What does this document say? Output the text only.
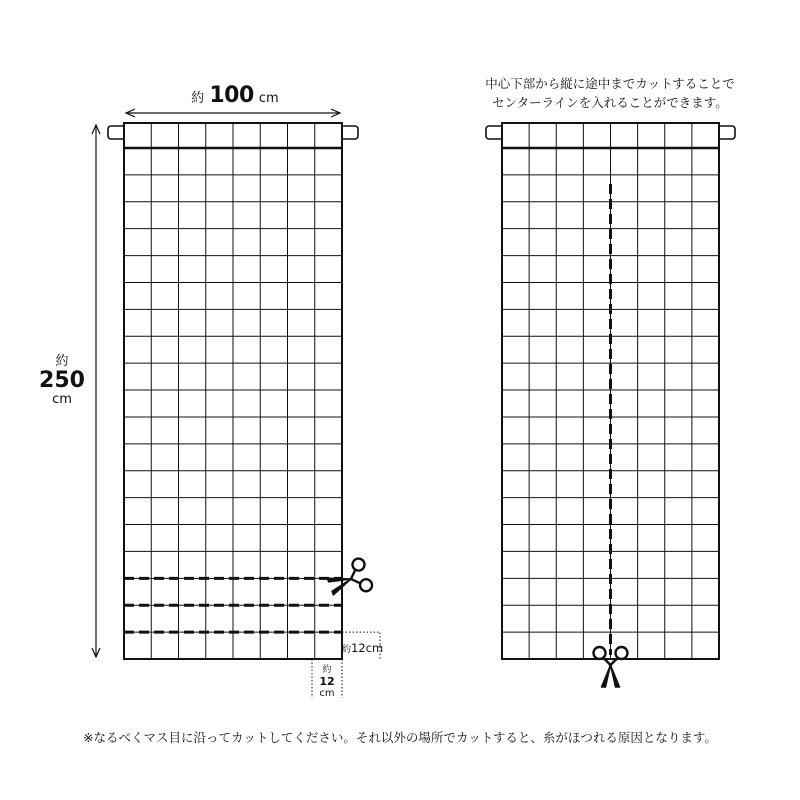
約 100 cm
約
250
cm
約12cm
約
12
cm
中心下部から縦に途中までカットすることで
センターラインを入れることができます。
※なるべくマス目に沿ってカットしてください。それ以外の場所でカットすると、糸がほつれる原因となります。
